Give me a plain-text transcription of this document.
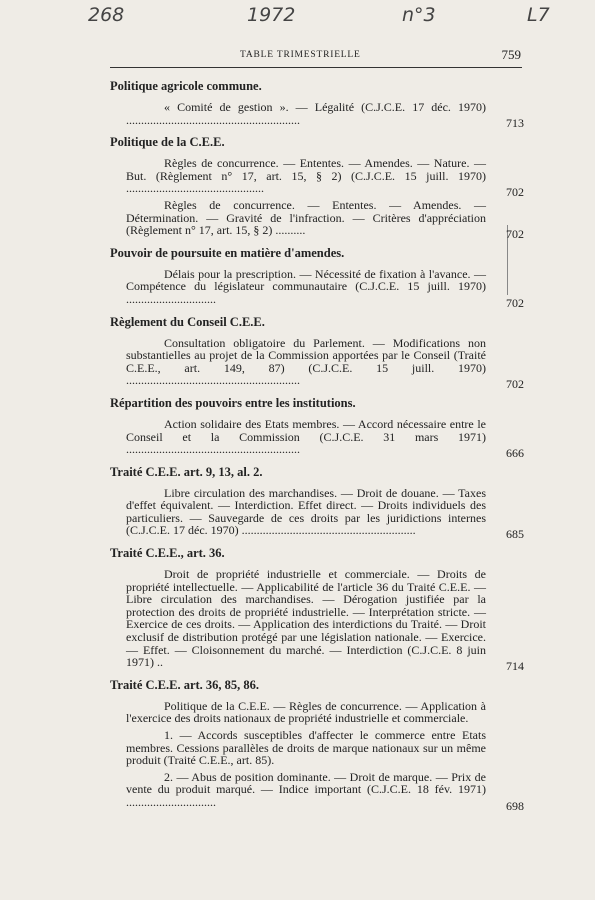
268	1972	n°3	L7
TABLE TRIMESTRIELLE	759
Politique agricole commune.
« Comité de gestion ». — Légalité (C.J.C.E. 17 déc. 1970) ..........................................................	713
Politique de la C.E.E.
Règles de concurrence. — Ententes. — Amendes. — Nature. — But. (Règlement n° 17, art. 15, § 2) (C.J.C.E. 15 juill. 1970) ..............................................	702
Règles de concurrence. — Ententes. — Amendes. — Détermination. — Gravité de l'infraction. — Critères d'appréciation (Règlement n° 17, art. 15, § 2) ..........	702
Pouvoir de poursuite en matière d'amendes.
Délais pour la prescription. — Nécessité de fixation à l'avance. — Compétence du législateur communautaire (C.J.C.E. 15 juill. 1970) ..............................	702
Règlement du Conseil C.E.E.
Consultation obligatoire du Parlement. — Modifications non substantielles au projet de la Commission apportées par le Conseil (Traité C.E.E., art. 149, 87) (C.J.C.E. 15 juill. 1970) ..........................................................	702
Répartition des pouvoirs entre les institutions.
Action solidaire des Etats membres. — Accord nécessaire entre le Conseil et la Commission (C.J.C.E. 31 mars 1971) ..........................................................	666
Traité C.E.E. art. 9, 13, al. 2.
Libre circulation des marchandises. — Droit de douane. — Taxes d'effet équivalent. — Interdiction. Effet direct. — Droits individuels des particuliers. — Sauvegarde de ces droits par les juridictions internes (C.J.C.E. 17 déc. 1970) ..........................................................	685
Traité C.E.E., art. 36.
Droit de propriété industrielle et commerciale. — Droits de propriété intellectuelle. — Applicabilité de l'article 36 du Traité C.E.E. — Libre circulation des marchandises. — Dérogation justifiée par la protection des droits de propriété industrielle. — Interprétation stricte. — Exercice de ces droits. — Application des interdictions du Traité. — Droit exclusif de distribution protégé par une législation nationale. — Exercice. — Effet. — Cloisonnement du marché. — Interdiction (C.J.C.E. 8 juin 1971) ..	714
Traité C.E.E. art. 36, 85, 86.
Politique de la C.E.E. — Règles de concurrence. — Application à l'exercice des droits nationaux de propriété industrielle et commerciale.
1. — Accords susceptibles d'affecter le commerce entre Etats membres. Cessions parallèles de droits de marque nationaux sur un même produit (Traité C.E.E., art. 85).
2. — Abus de position dominante. — Droit de marque. — Prix de vente du produit marqué. — Indice important (C.J.C.E. 18 fév. 1971) ..............................	698
